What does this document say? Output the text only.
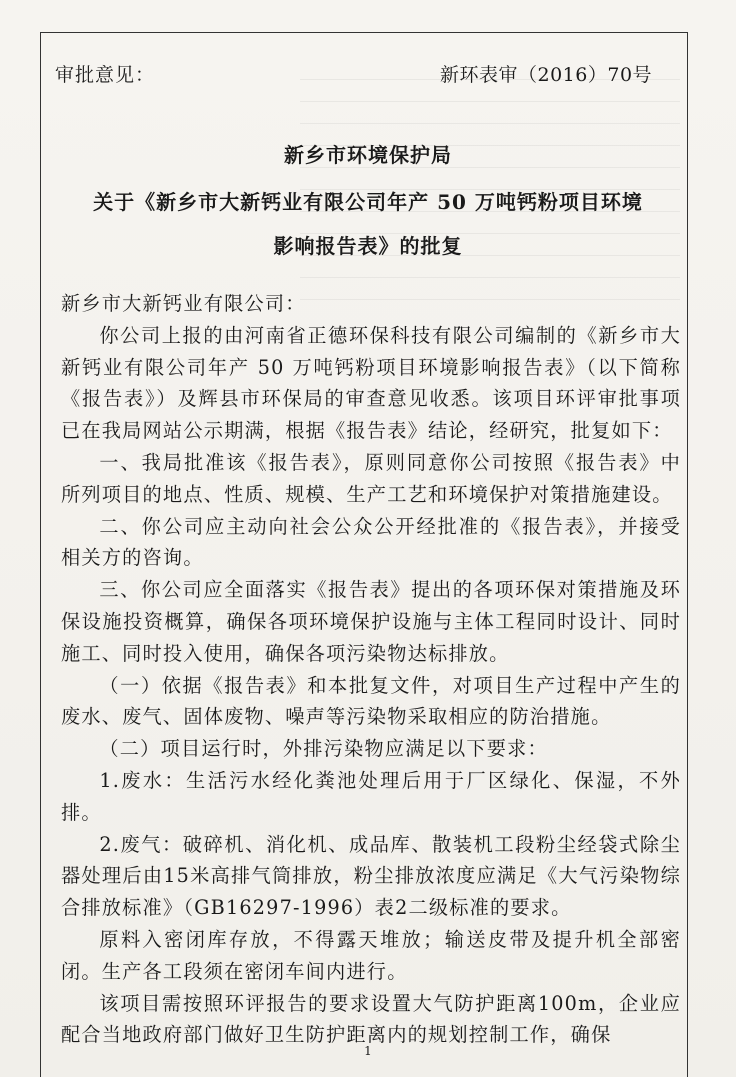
审批意见：	新环表审（2016）70号
新乡市环境保护局
关于《新乡市大新钙业有限公司年产 50 万吨钙粉项目环境
影响报告表》的批复

新乡市大新钙业有限公司：

你公司上报的由河南省正德环保科技有限公司编制的《新乡市大新钙业有限公司年产 50 万吨钙粉项目环境影响报告表》（以下简称《报告表》）及辉县市环保局的审查意见收悉。该项目环评审批事项已在我局网站公示期满，根据《报告表》结论，经研究，批复如下：

一、我局批准该《报告表》，原则同意你公司按照《报告表》中所列项目的地点、性质、规模、生产工艺和环境保护对策措施建设。

二、你公司应主动向社会公众公开经批准的《报告表》，并接受相关方的咨询。

三、你公司应全面落实《报告表》提出的各项环保对策措施及环保设施投资概算，确保各项环境保护设施与主体工程同时设计、同时施工、同时投入使用，确保各项污染物达标排放。

（一）依据《报告表》和本批复文件，对项目生产过程中产生的废水、废气、固体废物、噪声等污染物采取相应的防治措施。

（二）项目运行时，外排污染物应满足以下要求：

1.废水：生活污水经化粪池处理后用于厂区绿化、保湿，不外排。

2.废气：破碎机、消化机、成品库、散装机工段粉尘经袋式除尘器处理后由15米高排气筒排放，粉尘排放浓度应满足《大气污染物综合排放标准》（GB16297-1996）表2二级标准的要求。

原料入密闭库存放，不得露天堆放；输送皮带及提升机全部密闭。生产各工段须在密闭车间内进行。

该项目需按照环评报告的要求设置大气防护距离100m，企业应配合当地政府部门做好卫生防护距离内的规划控制工作，确保

1
